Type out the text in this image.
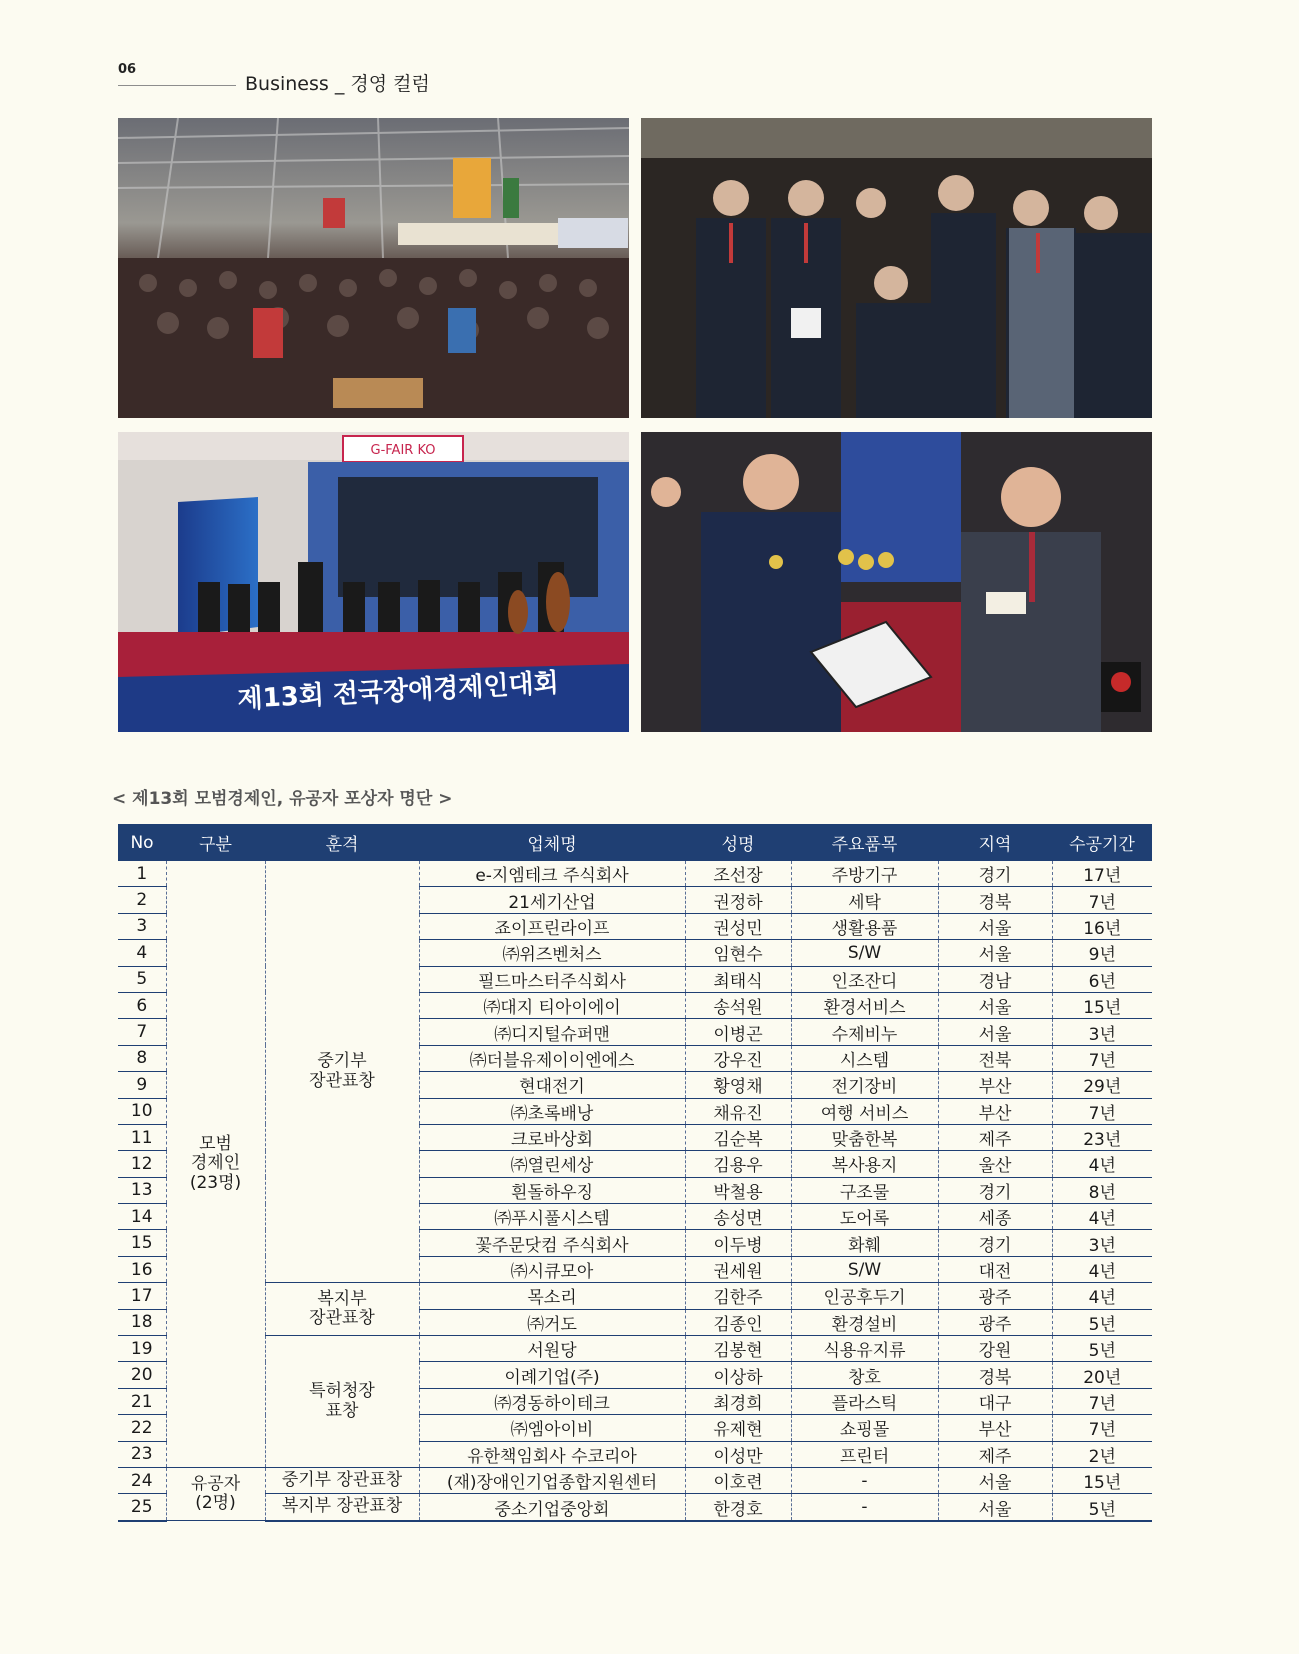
06
Business _ 경영 컬럼
G-FAIR KO
제13회 전국장애경제인대회
< 제13회 모범경제인, 유공자 포상자 명단 >
No	구분	훈격	업체명	성명	주요품목	지역	수공기간
1	모범
경제인
(23명)	중기부
장관표창	e-지엠테크 주식회사	조선장	주방기구	경기	17년
2			21세기산업	권정하	세탁	경북	7년
3			죠이프린라이프	권성민	생활용품	서울	16년
4			㈜위즈벤처스	임현수	S/W	서울	9년
5			필드마스터주식회사	최태식	인조잔디	경남	6년
6			㈜대지 티아이에이	송석원	환경서비스	서울	15년
7			㈜디지털슈퍼맨	이병곤	수제비누	서울	3년
8			㈜더블유제이이엔에스	강우진	시스템	전북	7년
9			현대전기	황영채	전기장비	부산	29년
10			㈜초록배낭	채유진	여행 서비스	부산	7년
11			크로바상회	김순복	맞춤한복	제주	23년
12			㈜열린세상	김용우	복사용지	울산	4년
13			흰돌하우징	박철용	구조물	경기	8년
14			㈜푸시풀시스템	송성면	도어록	세종	4년
15			꽃주문닷컴 주식회사	이두병	화훼	경기	3년
16			㈜시큐모아	권세원	S/W	대전	4년
17		복지부
장관표창	목소리	김한주	인공후두기	광주	4년
18			㈜거도	김종인	환경설비	광주	5년
19		특허청장
표창	서원당	김봉현	식용유지류	강원	5년
20			이례기업(주)	이상하	창호	경북	20년
21			㈜경동하이테크	최경희	플라스틱	대구	7년
22			㈜엠아이비	유제현	쇼핑몰	부산	7년
23			유한책임회사 수코리아	이성만	프린터	제주	2년
24	유공자
(2명)	중기부 장관표창	(재)장애인기업종합지원센터	이호련	-	서울	15년
25		복지부 장관표창	중소기업중앙회	한경호	-	서울	5년
